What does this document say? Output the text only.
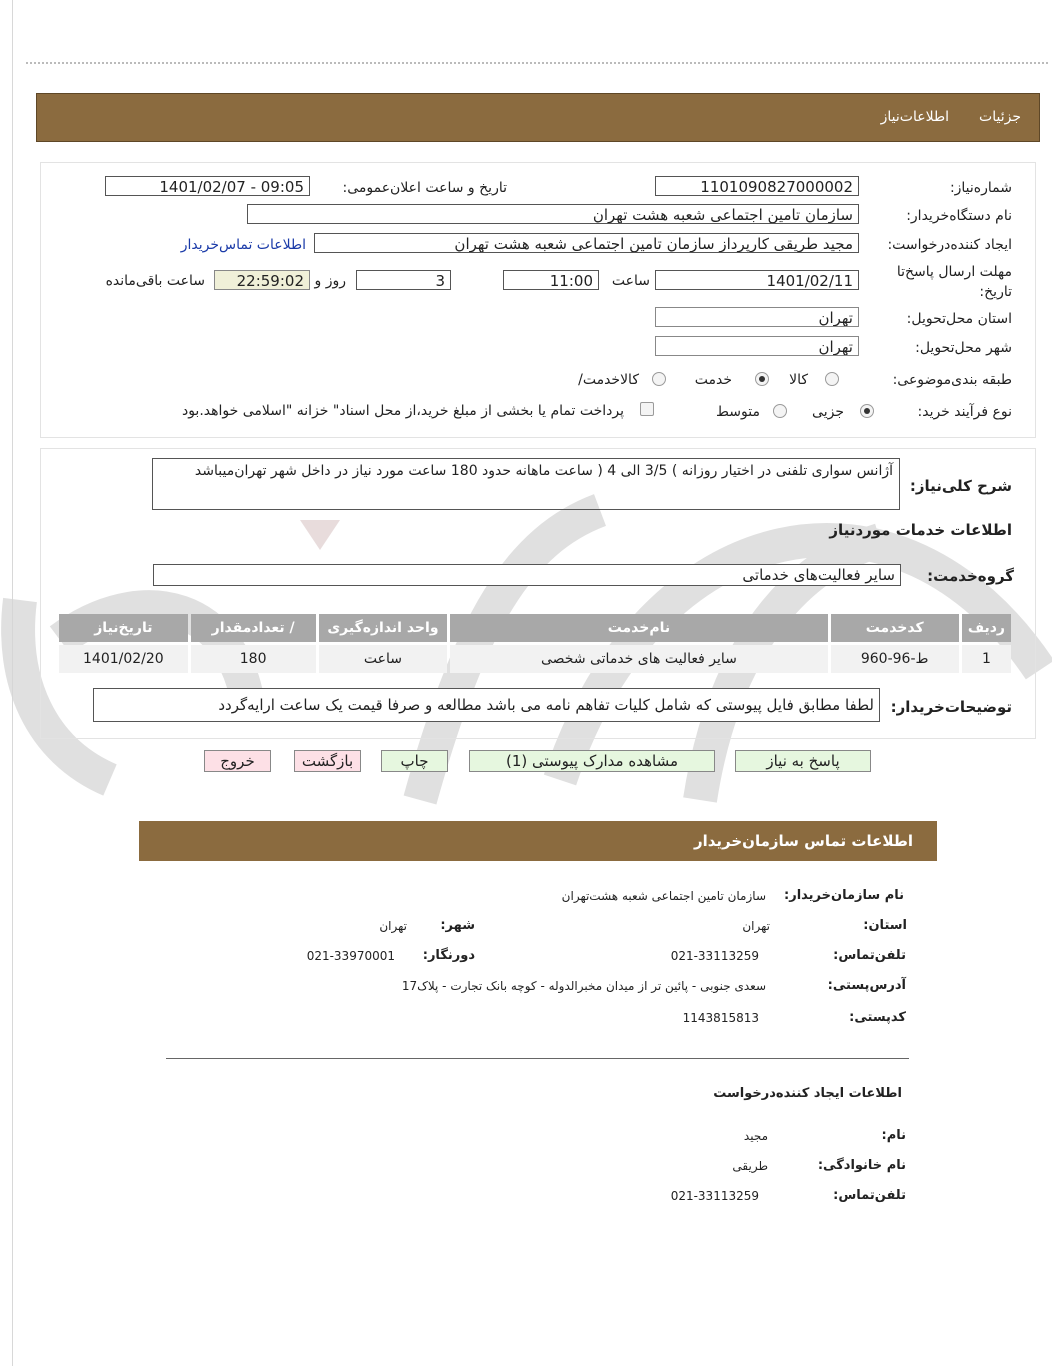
جزئيات
اطلاعات‌نیاز
شماره‌نیاز:
1101090827000002
تاریخ و ساعت اعلان‌عمومی:
1401/02/07 - 09:05
نام دستگاه‌خریدار:
سازمان تامین اجتماعی شعبه هشت تهران
ایجاد کننده‌درخواست:
مجید طریقی کارپرداز سازمان تامین اجتماعی شعبه هشت تهران
اطلاعات تماس‌خریدار
مهلت ارسال پاسخ‌تا
تاریخ:
1401/02/11
ساعت
11:00
3
روز و
22:59:02
ساعت باقی‌مانده
استان محل‌تحویل:
تهران
شهر محل‌تحویل:
تهران
طبقه بندی‌موضوعی:
کالا
خدمت
کالا‌خدمت/
نوع فرآیند خرید:
جزیی
متوسط
پرداخت تمام یا بخشی از مبلغ خرید،از محل اسناد" خزانه "اسلامی خواهد.بود
شرح کلی‌نیاز:
آژانس سواری تلفنی در اختیار روزانه ) 3/5 الی 4 ( ساعت ماهانه حدود 180 ساعت مورد نیاز در داخل شهر تهران‌میباشد
اطلاعات خدمات موردنیاز
گروه‌خدمت:
سایر فعالیت‌های خدماتی
ردیف	کدخدمت	نام‌خدمت	واحد اندازه‌گیری	/ تعدادمقدار	تاریخ‌نیاز
1	ط-96-960	سایر فعالیت های خدماتی شخصی	ساعت	180	1401/02/20
توضیحات‌خریدار:
لطفا مطابق فایل پیوستی که شامل کلیات تفاهم نامه می باشد مطالعه و صرفا قیمت یک ساعت ارایه‌گردد
پاسخ به نیاز
مشاهده مدارک پیوستی (1)
چاپ
بازگشت
خروج
اطلاعات تماس سازمان‌خریدار
نام سازمان‌خریدار:
سازمان تامین اجتماعی شعبه هشت‌تهران
استان:
تهران
شهر:
تهران
تلفن‌تماس:
021-33113259
دورنگار:
021-33970001
آدرس‌پستی:
سعدی جنوبی - پائین تر از میدان مخبرالدوله - کوچه بانک تجارت - پلاک17
کدپستی:
1143815813
اطلاعات ایجاد کننده‌درخواست
نام:
مجید
نام خانوادگی:
طریقی
تلفن‌تماس:
021-33113259
